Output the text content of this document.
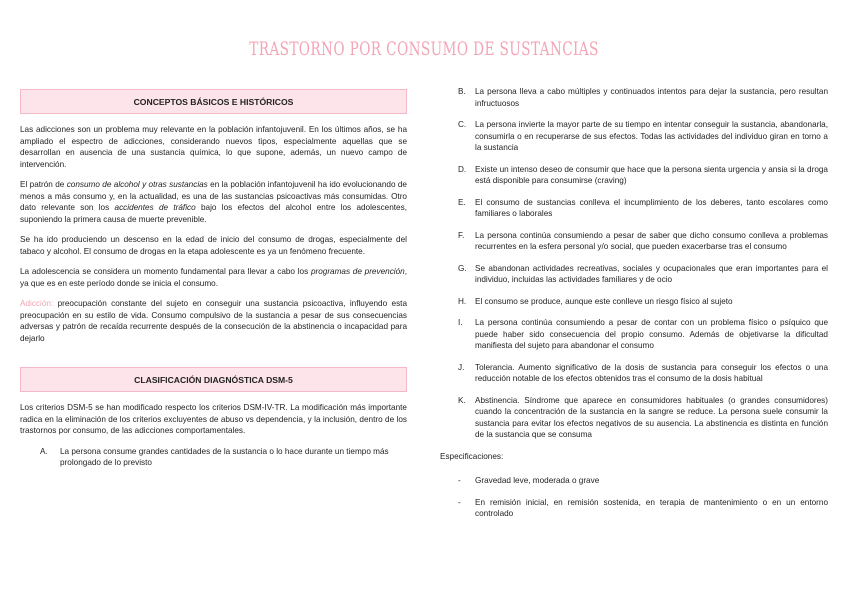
TRASTORNO POR CONSUMO DE SUSTANCIAS
CONCEPTOS BÁSICOS E HISTÓRICOS

Las adicciones son un problema muy relevante en la población infantojuvenil. En los últimos años, se ha ampliado el espectro de adicciones, considerando nuevos tipos, especialmente aquellas que se desarrollan en ausencia de una sustancia química, lo que supone, además, un nuevo campo de intervención.

El patrón de consumo de alcohol y otras sustancias en la población infantojuvenil ha ido evolucionando de menos a más consumo y, en la actualidad, es una de las sustancias psicoactivas más consumidas. Otro dato relevante son los accidentes de tráfico bajo los efectos del alcohol entre los adolescentes, suponiendo la primera causa de muerte prevenible.

Se ha ido produciendo un descenso en la edad de inicio del consumo de drogas, especialmente del tabaco y alcohol. El consumo de drogas en la etapa adolescente es ya un fenómeno frecuente.

La adolescencia se considera un momento fundamental para llevar a cabo los programas de prevención, ya que es en este período donde se inicia el consumo.

Adicción: preocupación constante del sujeto en conseguir una sustancia psicoactiva, influyendo esta preocupación en su estilo de vida. Consumo compulsivo de la sustancia a pesar de sus consecuencias adversas y patrón de recaída recurrente después de la consecución de la abstinencia o incapacidad para dejarlo

CLASIFICACIÓN DIAGNÓSTICA DSM-5

Los criterios DSM-5 se han modificado respecto los criterios DSM-IV-TR. La modificación más importante radica en la eliminación de los criterios excluyentes de abuso vs dependencia, y la inclusión, dentro de los trastornos por consumo, de las adicciones comportamentales.

A.	La persona consume grandes cantidades de la sustancia o lo hace durante un tiempo más prolongado de lo previsto
B.	La persona lleva a cabo múltiples y continuados intentos para dejar la sustancia, pero resultan infructuosos
C.	La persona invierte la mayor parte de su tiempo en intentar conseguir la sustancia, abandonarla, consumirla o en recuperarse de sus efectos. Todas las actividades del individuo giran en torno a la sustancia
D.	Existe un intenso deseo de consumir que hace que la persona sienta urgencia y ansia si la droga está disponible para consumirse (craving)
E.	El consumo de sustancias conlleva el incumplimiento de los deberes, tanto escolares como familiares o laborales
F.	La persona continúa consumiendo a pesar de saber que dicho consumo conlleva a problemas recurrentes en la esfera personal y/o social, que pueden exacerbarse tras el consumo
G.	Se abandonan actividades recreativas, sociales y ocupacionales que eran importantes para el individuo, incluidas las actividades familiares y de ocio
H.	El consumo se produce, aunque este conlleve un riesgo físico al sujeto
I.	La persona continúa consumiendo a pesar de contar con un problema físico o psíquico que puede haber sido consecuencia del propio consumo. Además de objetivarse la dificultad manifiesta del sujeto para abandonar el consumo
J.	Tolerancia. Aumento significativo de la dosis de sustancia para conseguir los efectos o una reducción notable de los efectos obtenidos tras el consumo de la dosis habitual
K.	Abstinencia. Síndrome que aparece en consumidores habituales (o grandes consumidores) cuando la concentración de la sustancia en la sangre se reduce. La persona suele consumir la sustancia para evitar los efectos negativos de su ausencia. La abstinencia es distinta en función de la sustancia que se consuma
Especificaciones:
-	Gravedad leve, moderada o grave
-	En remisión inicial, en remisión sostenida, en terapia de mantenimiento o en un entorno controlado
